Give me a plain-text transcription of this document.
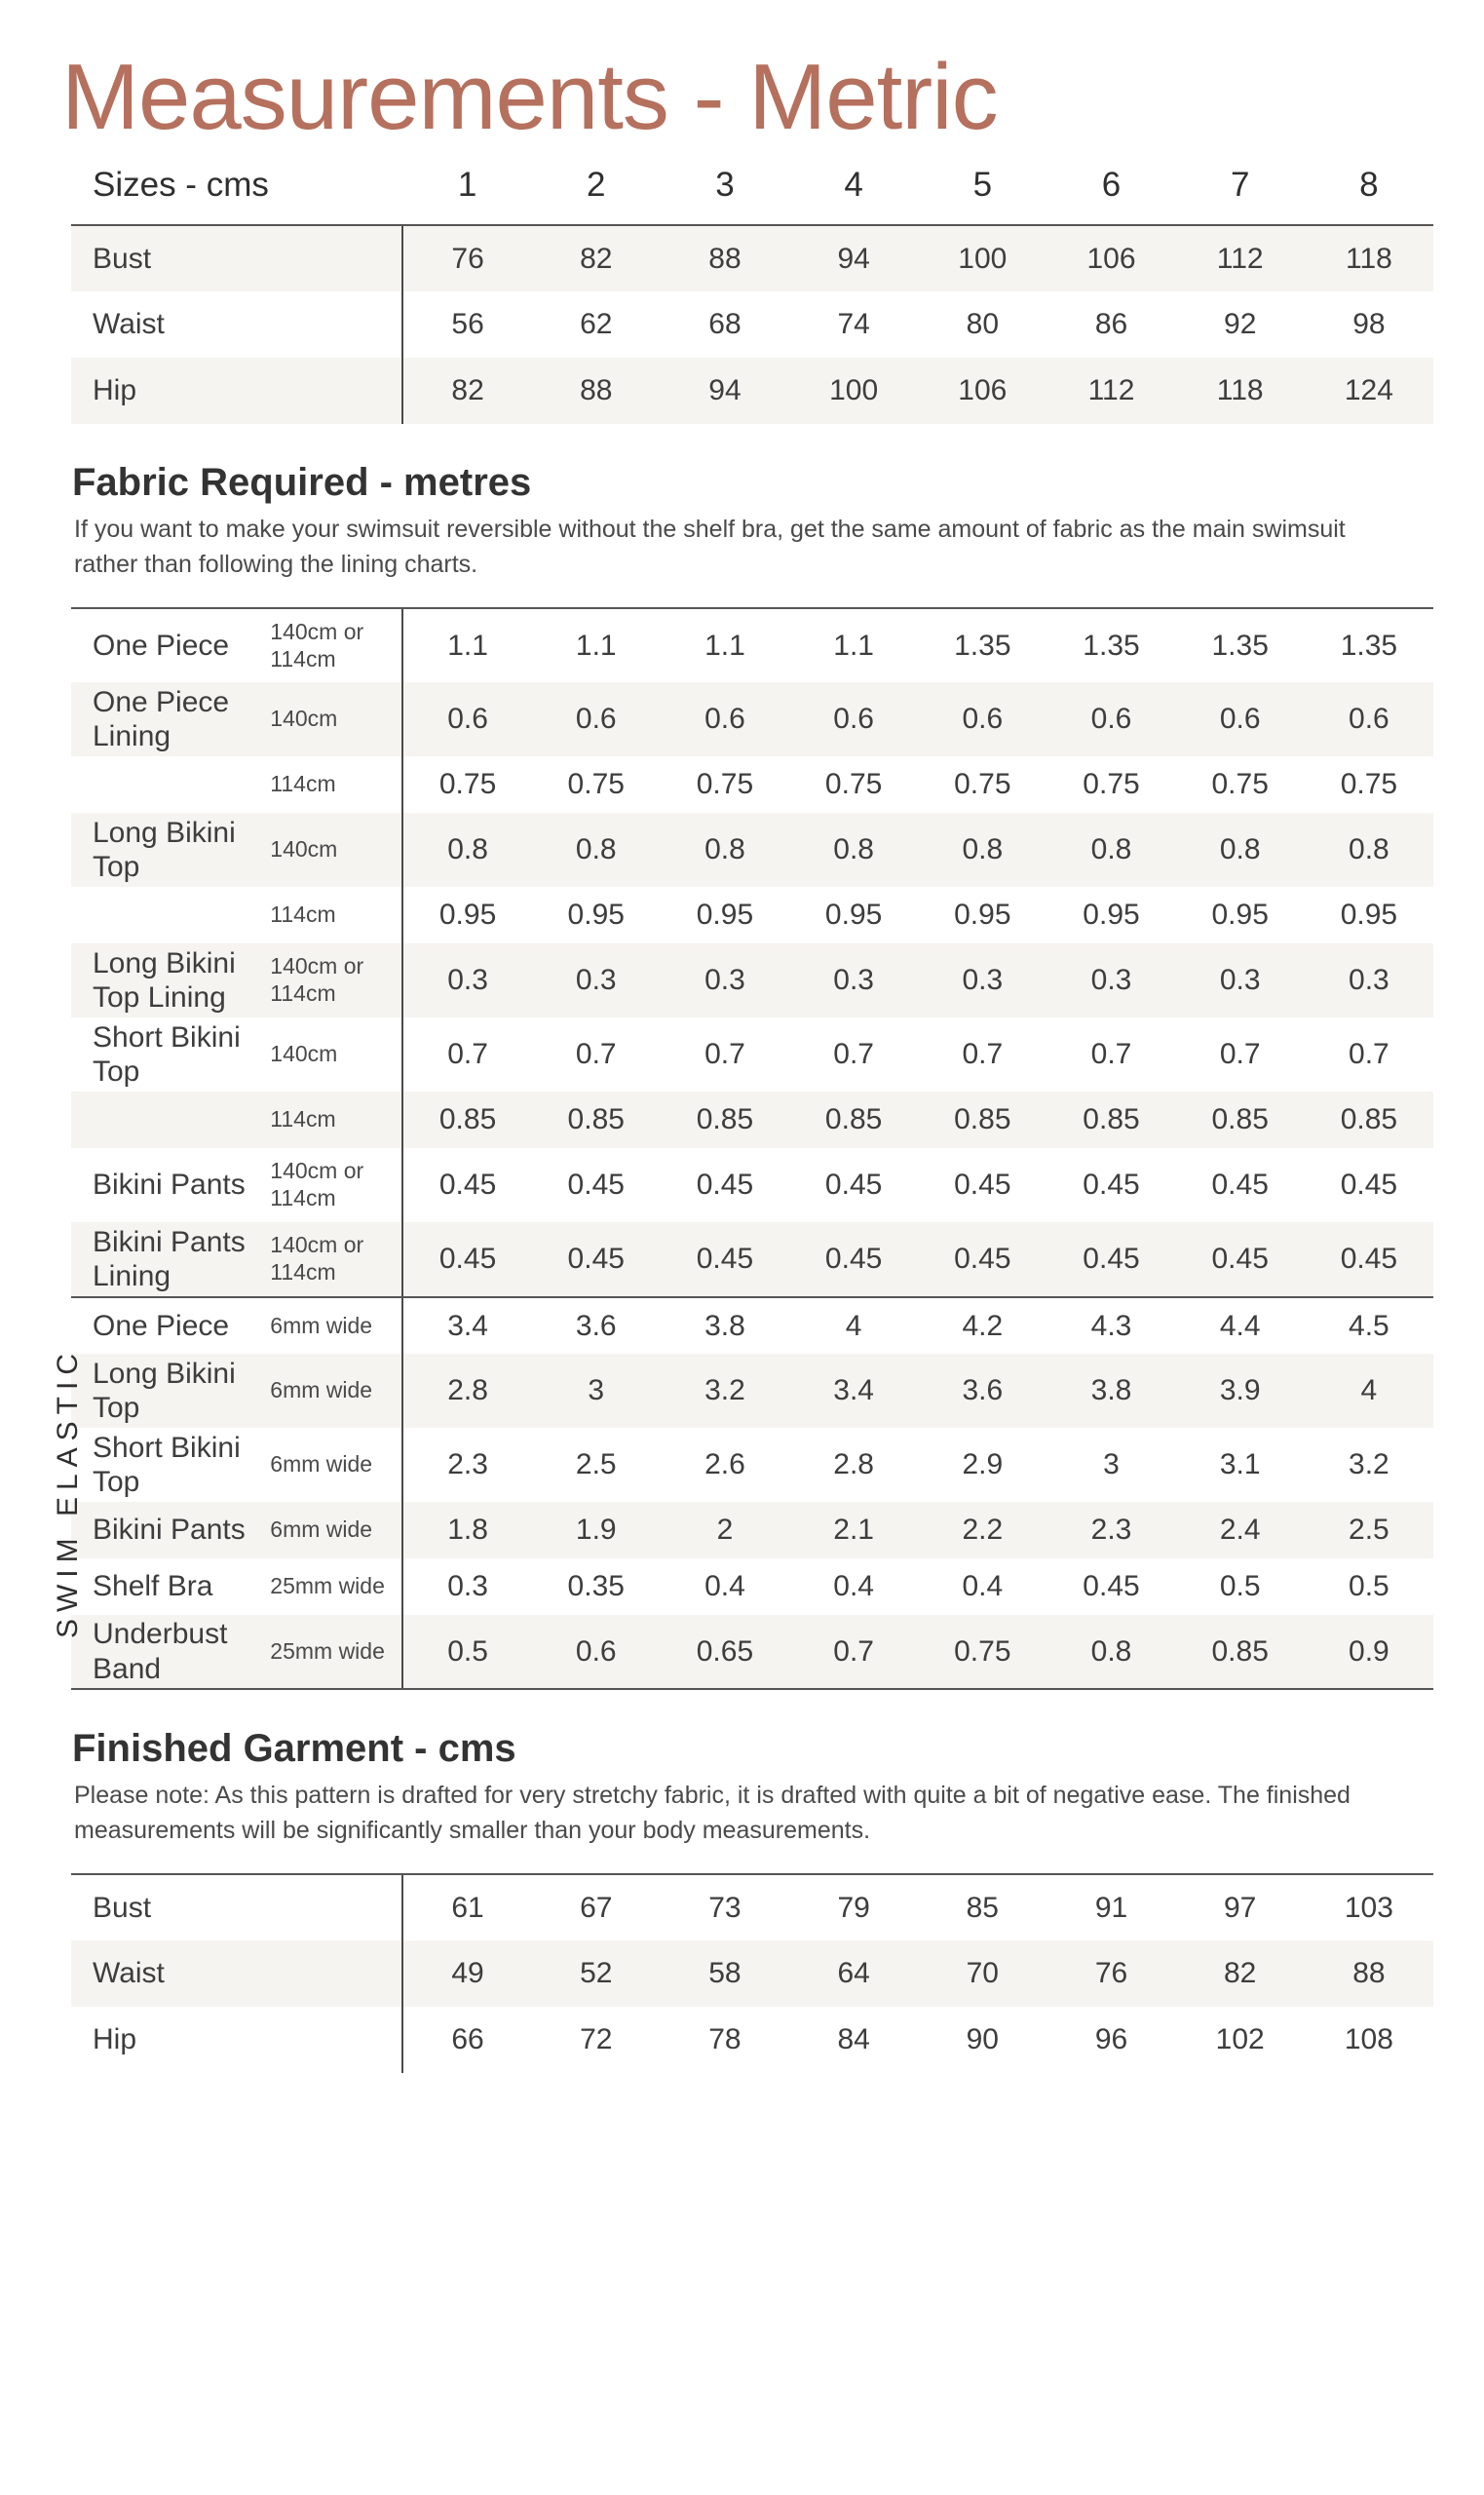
Measurements - Metric
Sizes - cms	1	2	3	4	5	6	7	8
Bust	76	82	88	94	100	106	112	118
Waist	56	62	68	74	80	86	92	98
Hip	82	88	94	100	106	112	118	124
Fabric Required - metres

If you want to make your swimsuit reversible without the shelf bra, get the same amount of fabric as the main swimsuit rather than following the lining charts.

One Piece	140cm or 114cm	1.1	1.1	1.1	1.1	1.35	1.35	1.35	1.35
One Piece Lining	140cm	0.6	0.6	0.6	0.6	0.6	0.6	0.6	0.6
	114cm	0.75	0.75	0.75	0.75	0.75	0.75	0.75	0.75
Long Bikini Top	140cm	0.8	0.8	0.8	0.8	0.8	0.8	0.8	0.8
	114cm	0.95	0.95	0.95	0.95	0.95	0.95	0.95	0.95
Long Bikini Top Lining	140cm or 114cm	0.3	0.3	0.3	0.3	0.3	0.3	0.3	0.3
Short Bikini Top	140cm	0.7	0.7	0.7	0.7	0.7	0.7	0.7	0.7
	114cm	0.85	0.85	0.85	0.85	0.85	0.85	0.85	0.85
Bikini Pants	140cm or 114cm	0.45	0.45	0.45	0.45	0.45	0.45	0.45	0.45
Bikini Pants Lining	140cm or 114cm	0.45	0.45	0.45	0.45	0.45	0.45	0.45	0.45
SWIM ELASTIC
One Piece	6mm wide	3.4	3.6	3.8	4	4.2	4.3	4.4	4.5
Long Bikini Top	6mm wide	2.8	3	3.2	3.4	3.6	3.8	3.9	4
Short Bikini Top	6mm wide	2.3	2.5	2.6	2.8	2.9	3	3.1	3.2
Bikini Pants	6mm wide	1.8	1.9	2	2.1	2.2	2.3	2.4	2.5
Shelf Bra	25mm wide	0.3	0.35	0.4	0.4	0.4	0.45	0.5	0.5
Underbust Band	25mm wide	0.5	0.6	0.65	0.7	0.75	0.8	0.85	0.9
Finished Garment - cms

Please note: As this pattern is drafted for very stretchy fabric, it is drafted with quite a bit of negative ease. The finished measurements will be significantly smaller than your body measurements.

Bust	61	67	73	79	85	91	97	103
Waist	49	52	58	64	70	76	82	88
Hip	66	72	78	84	90	96	102	108
